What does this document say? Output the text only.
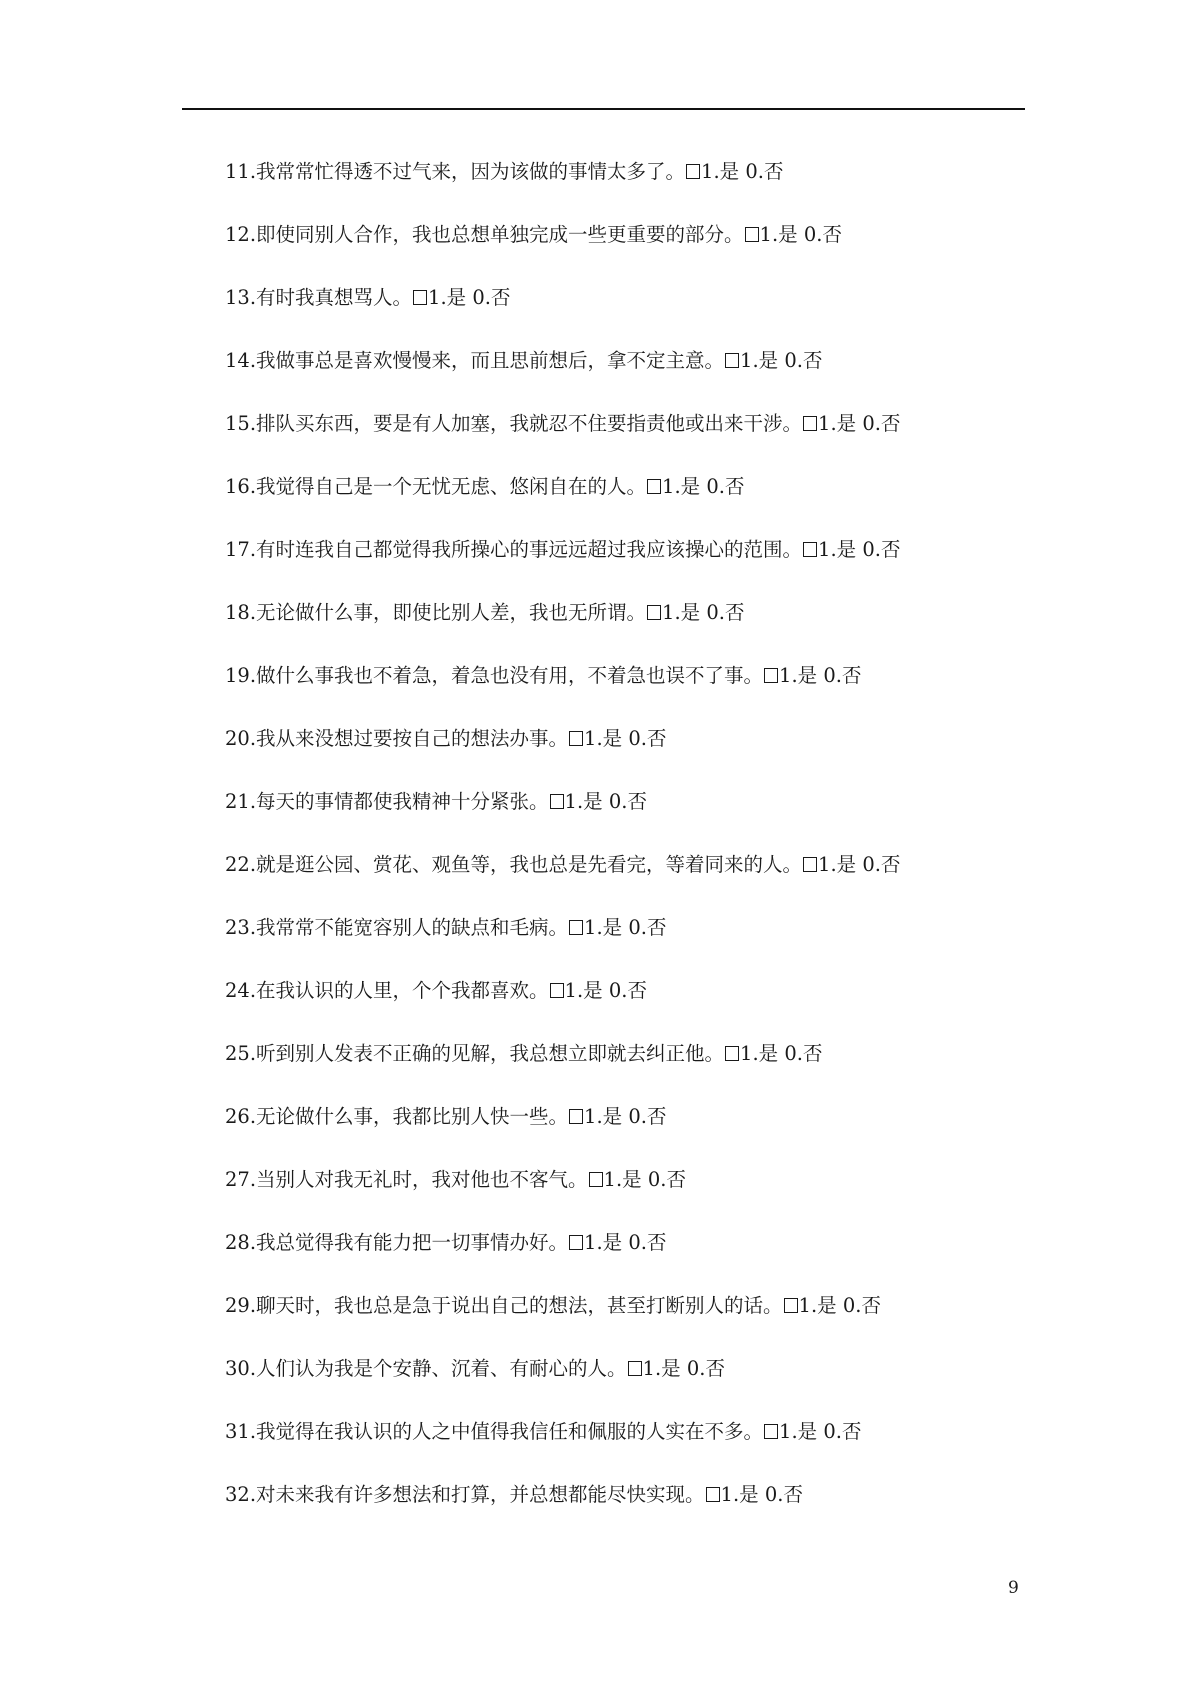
11.我常常忙得透不过气来，因为该做的事情太多了。 1.是 0.否
12.即使同别人合作，我也总想单独完成一些更重要的部分。 1.是 0.否
13.有时我真想骂人。 1.是 0.否
14.我做事总是喜欢慢慢来，而且思前想后，拿不定主意。 1.是 0.否
15.排队买东西，要是有人加塞，我就忍不住要指责他或出来干涉。 1.是 0.否
16.我觉得自己是一个无忧无虑、悠闲自在的人。 1.是 0.否
17.有时连我自己都觉得我所操心的事远远超过我应该操心的范围。 1.是 0.否
18.无论做什么事，即使比别人差，我也无所谓。 1.是 0.否
19.做什么事我也不着急，着急也没有用，不着急也误不了事。 1.是 0.否
20.我从来没想过要按自己的想法办事。 1.是 0.否
21.每天的事情都使我精神十分紧张。 1.是 0.否
22.就是逛公园、赏花、观鱼等，我也总是先看完，等着同来的人。 1.是 0.否
23.我常常不能宽容别人的缺点和毛病。 1.是 0.否
24.在我认识的人里，个个我都喜欢。 1.是 0.否
25.听到别人发表不正确的见解，我总想立即就去纠正他。 1.是 0.否
26.无论做什么事，我都比别人快一些。 1.是 0.否
27.当别人对我无礼时，我对他也不客气。 1.是 0.否
28.我总觉得我有能力把一切事情办好。 1.是 0.否
29.聊天时，我也总是急于说出自己的想法，甚至打断别人的话。 1.是 0.否
30.人们认为我是个安静、沉着、有耐心的人。 1.是 0.否
31.我觉得在我认识的人之中值得我信任和佩服的人实在不多。 1.是 0.否
32.对未来我有许多想法和打算，并总想都能尽快实现。 1.是 0.否
9
